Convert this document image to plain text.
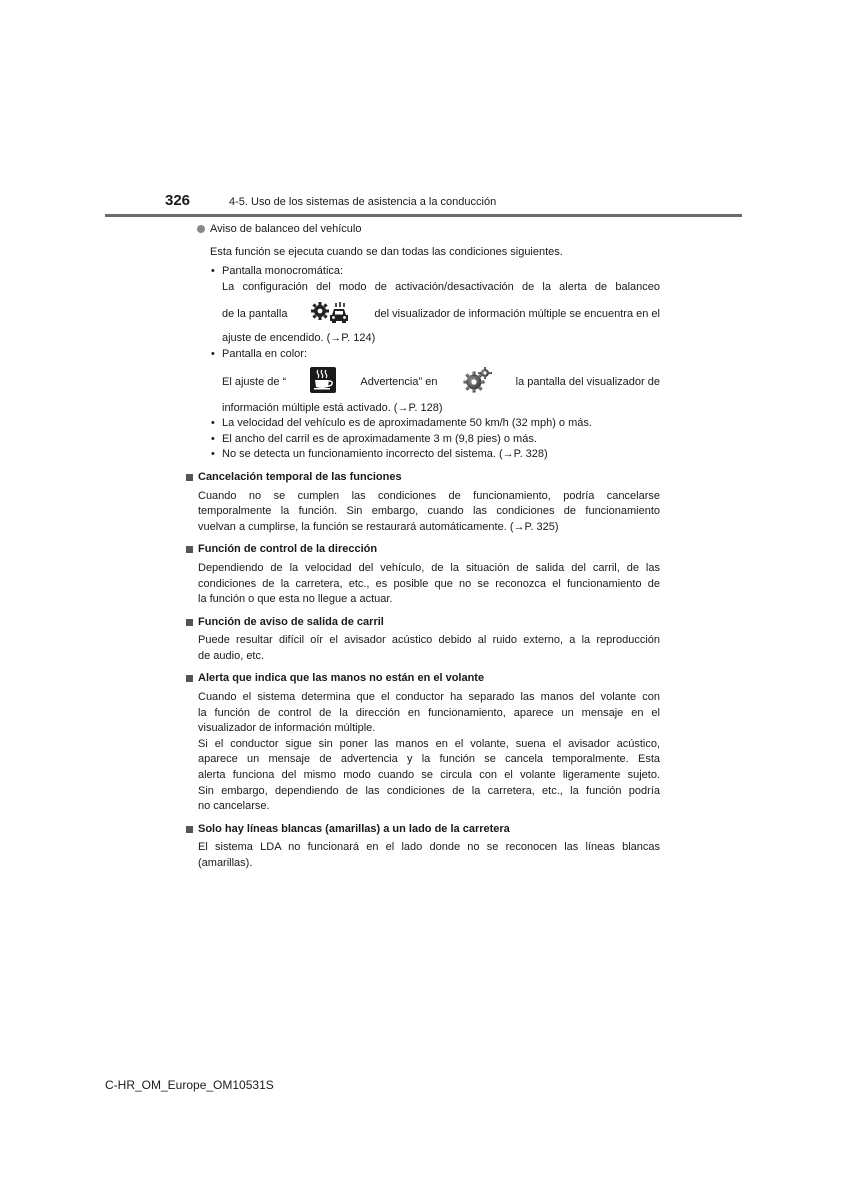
326	4-5. Uso de los sistemas de asistencia a la conducción
Aviso de balanceo del vehículo
Esta función se ejecuta cuando se dan todas las condiciones siguientes.
• Pantalla monocromática:
La configuración del modo de activación/desactivación de la alerta de balanceo
de la pantalla	del visualizador de información múltiple se encuentra en el
ajuste de encendido. (→P. 124)
• Pantalla en color:
El ajuste de “	Advertencia” en	la pantalla del visualizador de
información múltiple está activado. (→P. 128)
• La velocidad del vehículo es de aproximadamente 50 km/h (32 mph) o más.
• El ancho del carril es de aproximadamente 3 m (9,8 pies) o más.
• No se detecta un funcionamiento incorrecto del sistema. (→P. 328)
Cancelación temporal de las funciones
Cuando no se cumplen las condiciones de funcionamiento, podría cancelarse
temporalmente la función. Sin embargo, cuando las condiciones de funcionamiento
vuelvan a cumplirse, la función se restaurará automáticamente. (→P. 325)
Función de control de la dirección
Dependiendo de la velocidad del vehículo, de la situación de salida del carril, de las
condiciones de la carretera, etc., es posible que no se reconozca el funcionamiento de
la función o que esta no llegue a actuar.
Función de aviso de salida de carril
Puede resultar difícil oír el avisador acústico debido al ruido externo, a la reproducción
de audio, etc.
Alerta que indica que las manos no están en el volante
Cuando el sistema determina que el conductor ha separado las manos del volante con
la función de control de la dirección en funcionamiento, aparece un mensaje en el
visualizador de información múltiple.
Si el conductor sigue sin poner las manos en el volante, suena el avisador acústico,
aparece un mensaje de advertencia y la función se cancela temporalmente. Esta
alerta funciona del mismo modo cuando se circula con el volante ligeramente sujeto.
Sin embargo, dependiendo de las condiciones de la carretera, etc., la función podría
no cancelarse.
Solo hay líneas blancas (amarillas) a un lado de la carretera
El sistema LDA no funcionará en el lado donde no se reconocen las líneas blancas
(amarillas).
C-HR_OM_Europe_OM10531S
